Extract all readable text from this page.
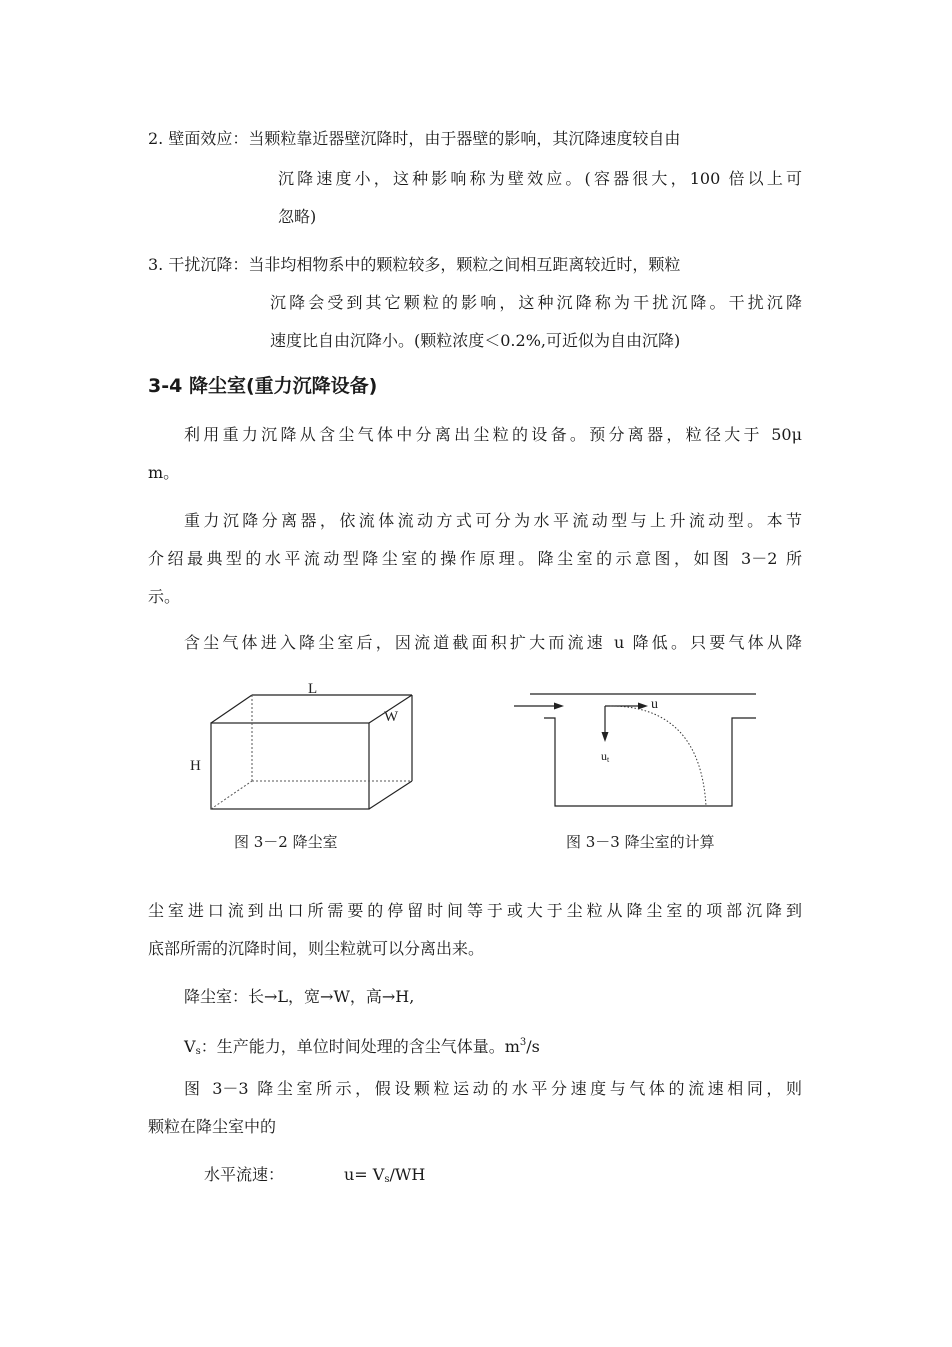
2. 壁面效应：当颗粒靠近器壁沉降时，由于器壁的影响，其沉降速度较自由
沉降速度小，这种影响称为壁效应。(容器很大，100 倍以上可
忽略)
3. 干扰沉降：当非均相物系中的颗粒较多，颗粒之间相互距离较近时，颗粒
沉降会受到其它颗粒的影响，这种沉降称为干扰沉降。干扰沉降
速度比自由沉降小。(颗粒浓度＜0.2%,可近似为自由沉降)
3-4 降尘室(重力沉降设备)
利用重力沉降从含尘气体中分离出尘粒的设备。预分离器，粒径大于 50μ
m。
重力沉降分离器，依流体流动方式可分为水平流动型与上升流动型。本节
介绍最典型的水平流动型降尘室的操作原理。降尘室的示意图，如图 3－2 所
示。
含尘气体进入降尘室后，因流道截面积扩大而流速 u 降低。只要气体从降
L
W
H
图 3－2 降尘室
u
ut
图 3－3 降尘室的计算
尘室进口流到出口所需要的停留时间等于或大于尘粒从降尘室的项部沉降到
底部所需的沉降时间，则尘粒就可以分离出来。
降尘室：长→L，宽→W，高→H,
$V_s$：生产能力，单位时间处理的含尘气体量。$m^3/s$
图 3－3 降尘室所示，假设颗粒运动的水平分速度与气体的流速相同，则
颗粒在降尘室中的
水平流速：	$u= V_s/WH$
